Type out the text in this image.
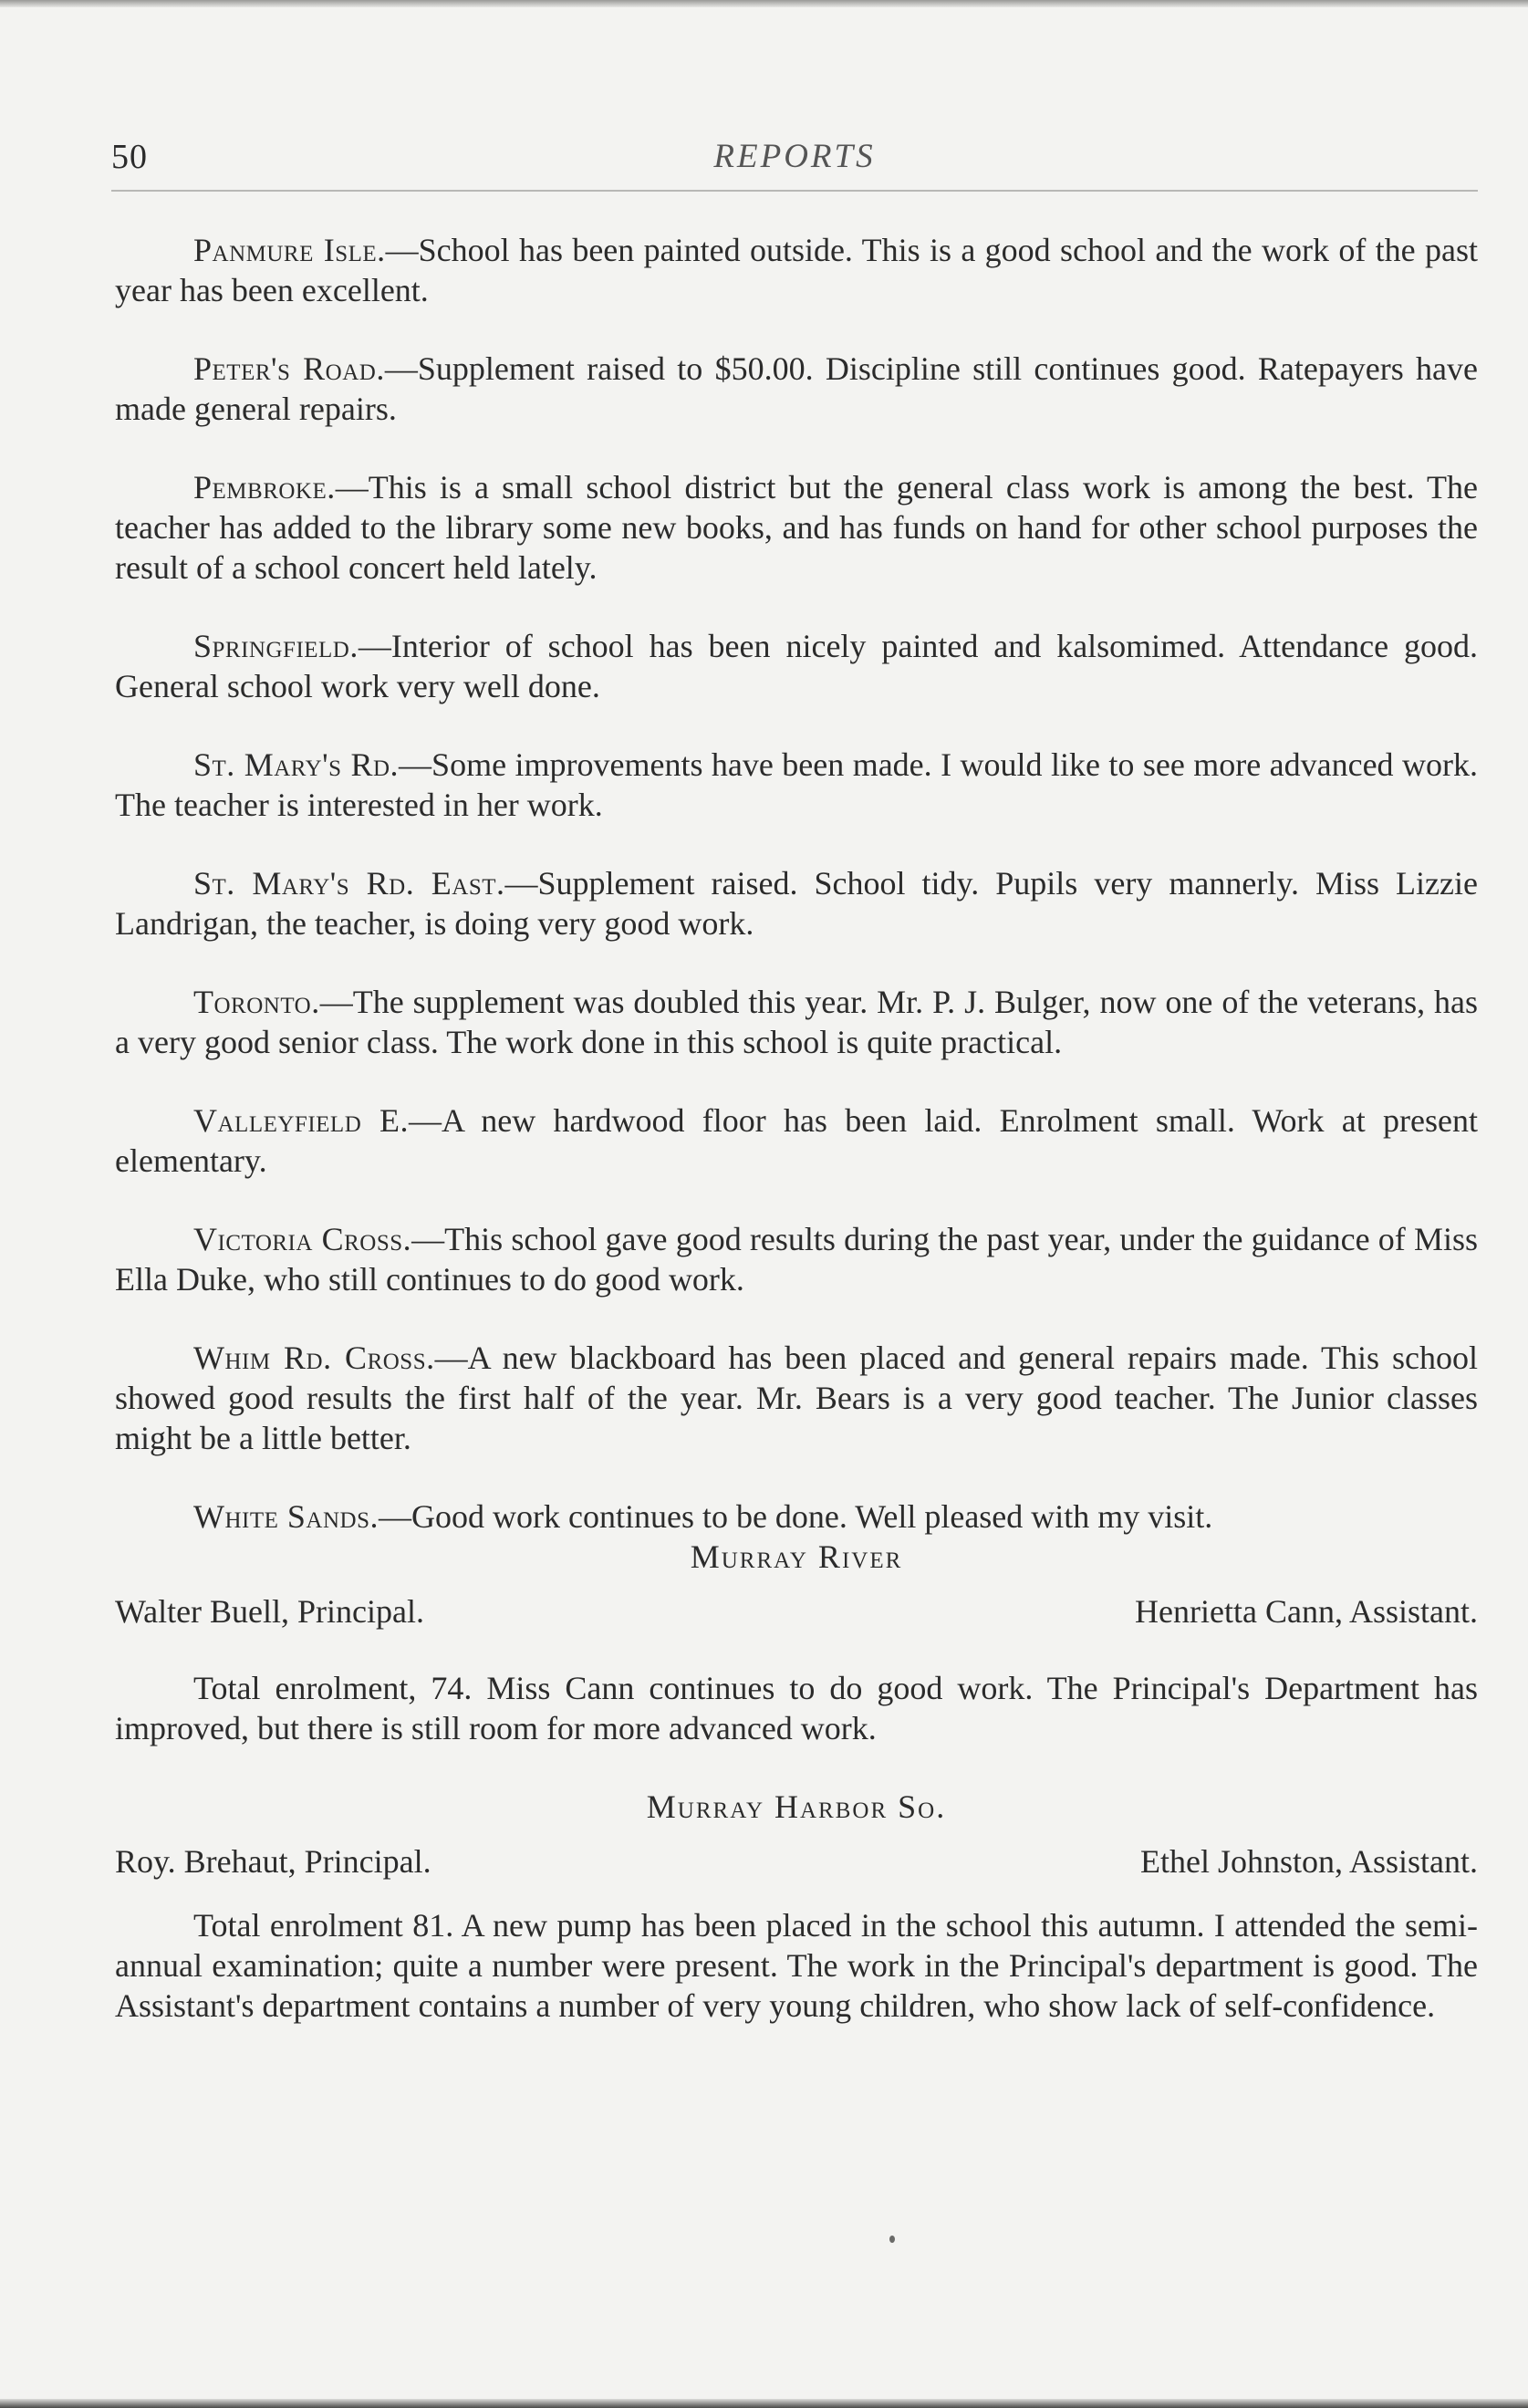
50	REPORTS

Panmure Isle.—School has been painted outside. This is a good school and the work of the past year has been excellent.

Peter's Road.—Supplement raised to $50.00. Discipline still continues good. Ratepayers have made general repairs.

Pembroke.—This is a small school district but the general class work is among the best. The teacher has added to the library some new books, and has funds on hand for other school purposes the result of a school concert held lately.

Springfield.—Interior of school has been nicely painted and kalsomimed. Attendance good. General school work very well done.

St. Mary's Rd.—Some improvements have been made. I would like to see more advanced work. The teacher is interested in her work.

St. Mary's Rd. East.—Supplement raised. School tidy. Pupils very mannerly. Miss Lizzie Landrigan, the teacher, is doing very good work.

Toronto.—The supplement was doubled this year. Mr. P. J. Bulger, now one of the veterans, has a very good senior class. The work done in this school is quite practical.

Valleyfield E.—A new hardwood floor has been laid. Enrolment small. Work at present elementary.

Victoria Cross.—This school gave good results during the past year, under the guidance of Miss Ella Duke, who still continues to do good work.

Whim Rd. Cross.—A new blackboard has been placed and general repairs made. This school showed good results the first half of the year. Mr. Bears is a very good teacher. The Junior classes might be a little better.

White Sands.—Good work continues to be done. Well pleased with my visit.

Murray River

Walter Buell, Principal.	Henrietta Cann, Assistant.

Total enrolment, 74. Miss Cann continues to do good work. The Principal's Department has improved, but there is still room for more advanced work.

Murray Harbor So.

Roy. Brehaut, Principal.	Ethel Johnston, Assistant.

Total enrolment 81. A new pump has been placed in the school this autumn. I attended the semi-annual examination; quite a number were present. The work in the Principal's department is good. The Assistant's department contains a number of very young children, who show lack of self-confidence.
